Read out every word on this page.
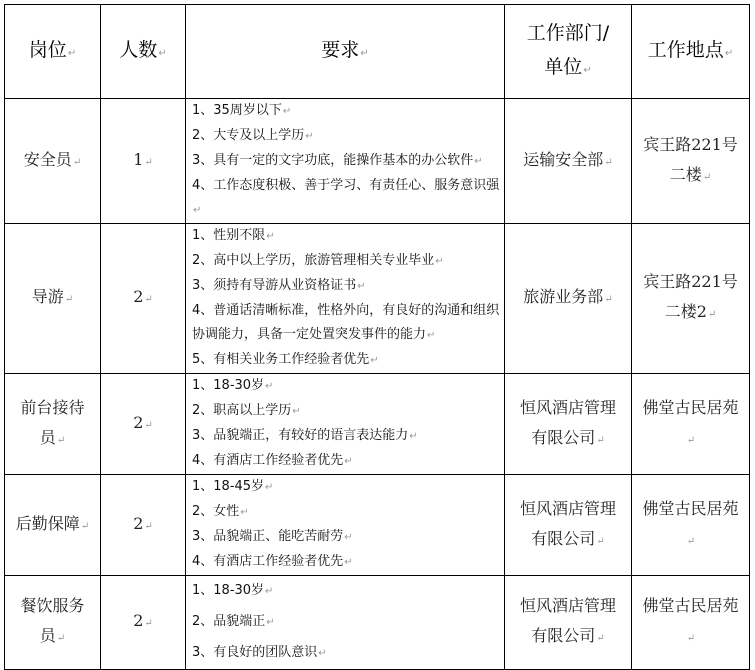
岗位↵	人数↵	要求↵	工作部门/
单位↵	工作地点↵
安全员↵	1↵	1、35周岁以下↵
2、大专及以上学历↵
3、具有一定的文字功底，能操作基本的办公软件↵
4、工作态度积极、善于学习、有责任心、服务意识强↵	运输安全部↵	宾王路221号二楼↵
导游↵	2↵	1、性别不限↵
2、高中以上学历，旅游管理相关专业毕业↵
3、须持有导游从业资格证书↵
4、普通话清晰标准，性格外向，有良好的沟通和组织协调能力，具备一定处置突发事件的能力↵
5、有相关业务工作经验者优先↵	旅游业务部↵	宾王路221号二楼2↵
前台接待员↵	2↵	1、18-30岁↵
2、职高以上学历↵
3、品貌端正，有较好的语言表达能力↵
4、有酒店工作经验者优先↵	恒风酒店管理有限公司↵	佛堂古民居苑↵
后勤保障↵	2↵	1、18-45岁↵
2、女性↵
3、品貌端正、能吃苦耐劳↵
4、有酒店工作经验者优先↵	恒风酒店管理有限公司↵	佛堂古民居苑↵
餐饮服务员↵	2↵	1、18-30岁↵
2、品貌端正↵
3、有良好的团队意识↵	恒风酒店管理有限公司↵	佛堂古民居苑↵
